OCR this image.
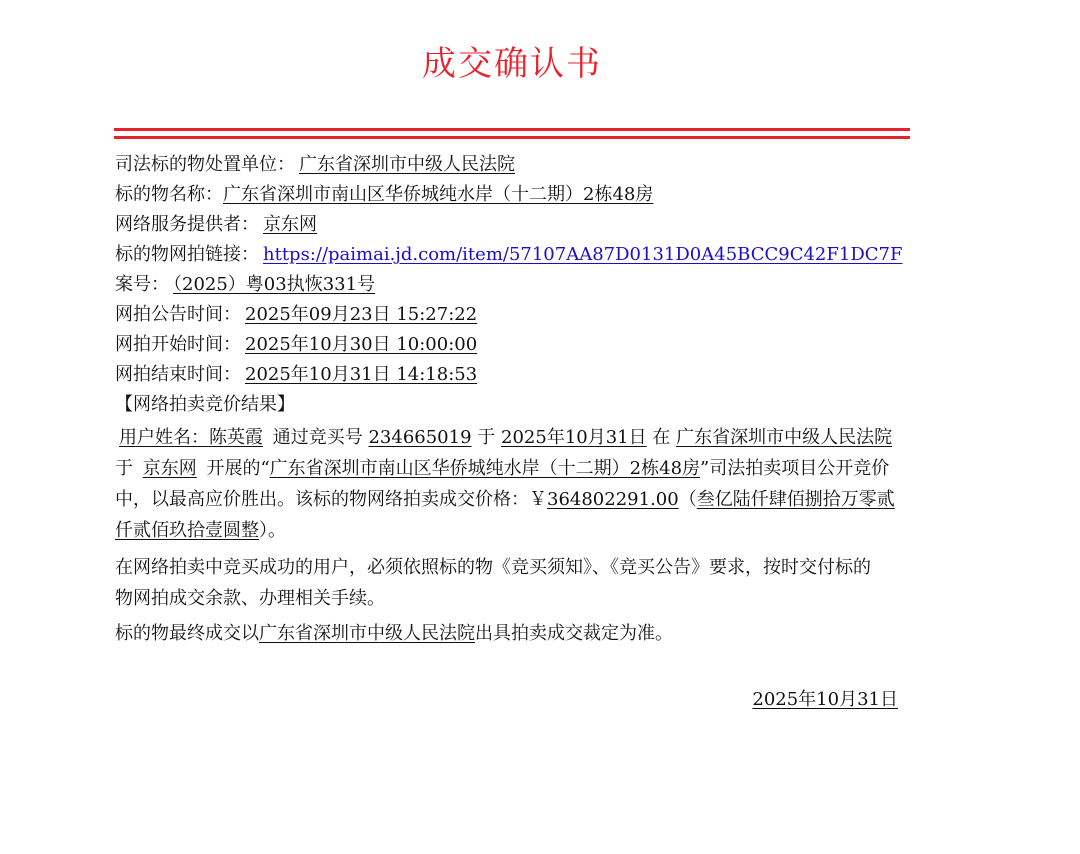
成交确认书
司法标的物处置单位： 广东省深圳市中级人民法院
标的物名称：广东省深圳市南山区华侨城纯水岸（十二期）2栋48房
网络服务提供者： 京东网
标的物网拍链接： https://paimai.jd.com/item/57107AA87D0131D0A45BCC9C42F1DC7F
案号： （2025）粤03执恢331号
网拍公告时间： 2025年09月23日 15:27:22
网拍开始时间： 2025年10月30日 10:00:00
网拍结束时间： 2025年10月31日 14:18:53
【网络拍卖竞价结果】
用户姓名：陈英霞 通过竞买号 234665019 于 2025年10月31日 在 广东省深圳市中级人民法院 于 京东网 开展的“广东省深圳市南山区华侨城纯水岸（十二期）2栋48房”司法拍卖项目公开竞价中，以最高应价胜出。该标的物网络拍卖成交价格：￥364802291.00（叁亿陆仟肆佰捌拾万零贰仟贰佰玖拾壹圆整）。
在网络拍卖中竞买成功的用户，必须依照标的物《竞买须知》、《竞买公告》要求，按时交付标的物网拍成交余款、办理相关手续。
标的物最终成交以广东省深圳市中级人民法院出具拍卖成交裁定为准。
2025年10月31日
